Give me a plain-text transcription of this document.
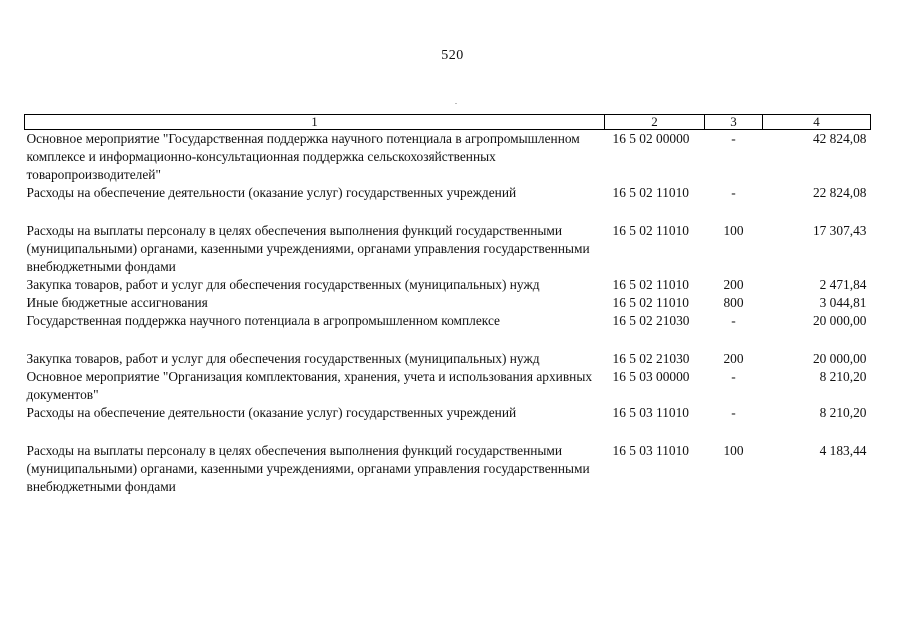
520
1	2	3	4
Основное мероприятие "Государственная поддержка научного потенциала в агропромышленном комплексе и информационно-консультационная поддержка сельскохозяйственных товаропроизводителей"	16 5 02 00000	-	42 824,08
Расходы на обеспечение деятельности (оказание услуг) государственных учреждений	16 5 02 11010	-	22 824,08

Расходы на выплаты персоналу в целях обеспечения выполнения функций государственными (муниципальными) органами, казенными учреждениями, органами управления государственными внебюджетными фондами	16 5 02 11010	100	17 307,43
Закупка товаров, работ и услуг для обеспечения государственных (муниципальных) нужд	16 5 02 11010	200	2 471,84
Иные бюджетные ассигнования	16 5 02 11010	800	3 044,81
Государственная поддержка научного потенциала в агропромышленном комплексе	16 5 02 21030	-	20 000,00

Закупка товаров, работ и услуг для обеспечения государственных (муниципальных) нужд	16 5 02 21030	200	20 000,00
Основное мероприятие "Организация комплектования, хранения, учета и использования архивных документов"	16 5 03 00000	-	8 210,20
Расходы на обеспечение деятельности (оказание услуг) государственных учреждений	16 5 03 11010	-	8 210,20

Расходы на выплаты персоналу в целях обеспечения выполнения функций государственными (муниципальными) органами, казенными учреждениями, органами управления государственными внебюджетными фондами	16 5 03 11010	100	4 183,44
